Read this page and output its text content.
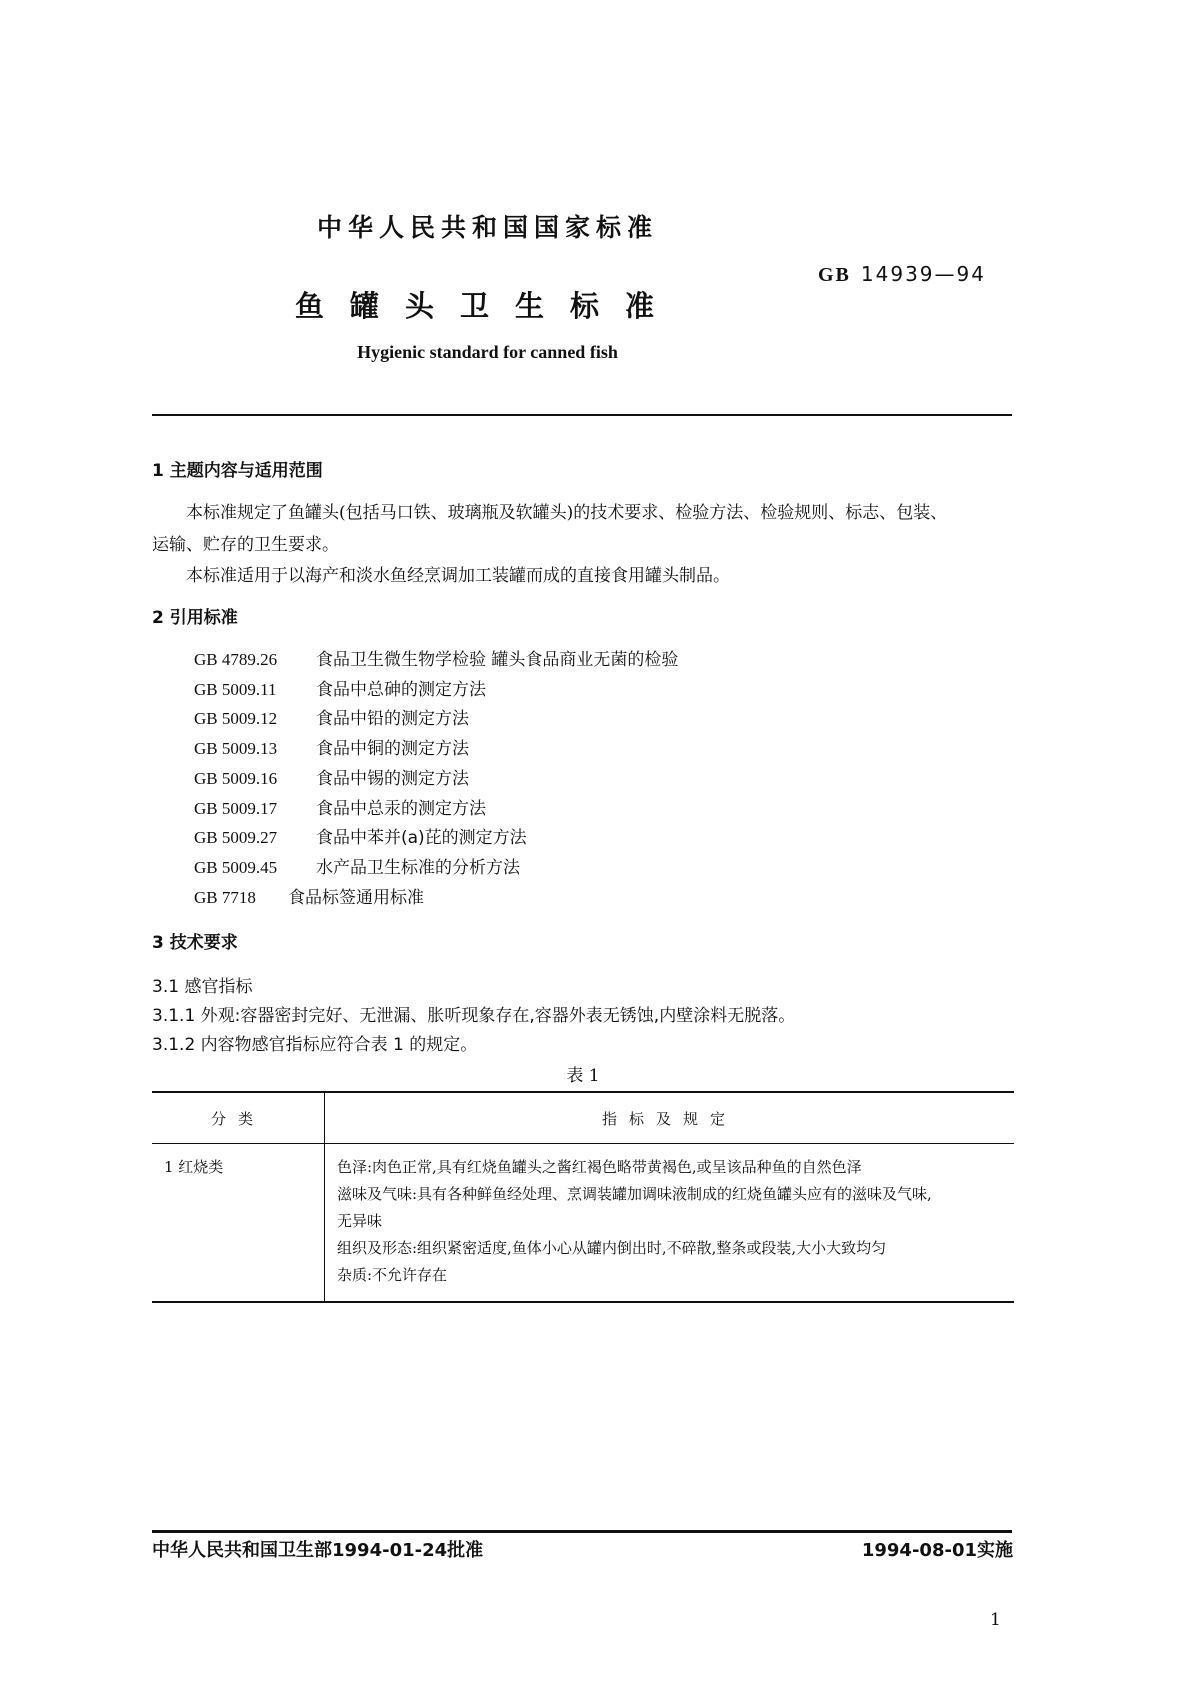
中华人民共和国国家标准
GB 14939—94
鱼罐头卫生标准
Hygienic standard for canned fish
1 主题内容与适用范围
本标准规定了鱼罐头(包括马口铁、玻璃瓶及软罐头)的技术要求、检验方法、检验规则、标志、包装、
运输、贮存的卫生要求。
本标准适用于以海产和淡水鱼经烹调加工装罐而成的直接食用罐头制品。
2 引用标准
GB 4789.26 食品卫生微生物学检验 罐头食品商业无菌的检验
GB 5009.11 食品中总砷的测定方法
GB 5009.12 食品中铅的测定方法
GB 5009.13 食品中铜的测定方法
GB 5009.16 食品中锡的测定方法
GB 5009.17 食品中总汞的测定方法
GB 5009.27 食品中苯并(a)芘的测定方法
GB 5009.45 水产品卫生标准的分析方法
GB 7718 食品标签通用标准
3 技术要求
3.1 感官指标
3.1.1 外观:容器密封完好、无泄漏、胀听现象存在,容器外表无锈蚀,内壁涂料无脱落。
3.1.2 内容物感官指标应符合表 1 的规定。
表 1
分类	指标及规定
1 红烧类	色泽:肉色正常,具有红烧鱼罐头之酱红褐色略带黄褐色,或呈该品种鱼的自然色泽
滋味及气味:具有各种鲜鱼经处理、烹调装罐加调味液制成的红烧鱼罐头应有的滋味及气味,
无异味
组织及形态:组织紧密适度,鱼体小心从罐内倒出时,不碎散,整条或段装,大小大致均匀
杂质:不允许存在
中华人民共和国卫生部1994-01-24批准	1994-08-01实施
1
